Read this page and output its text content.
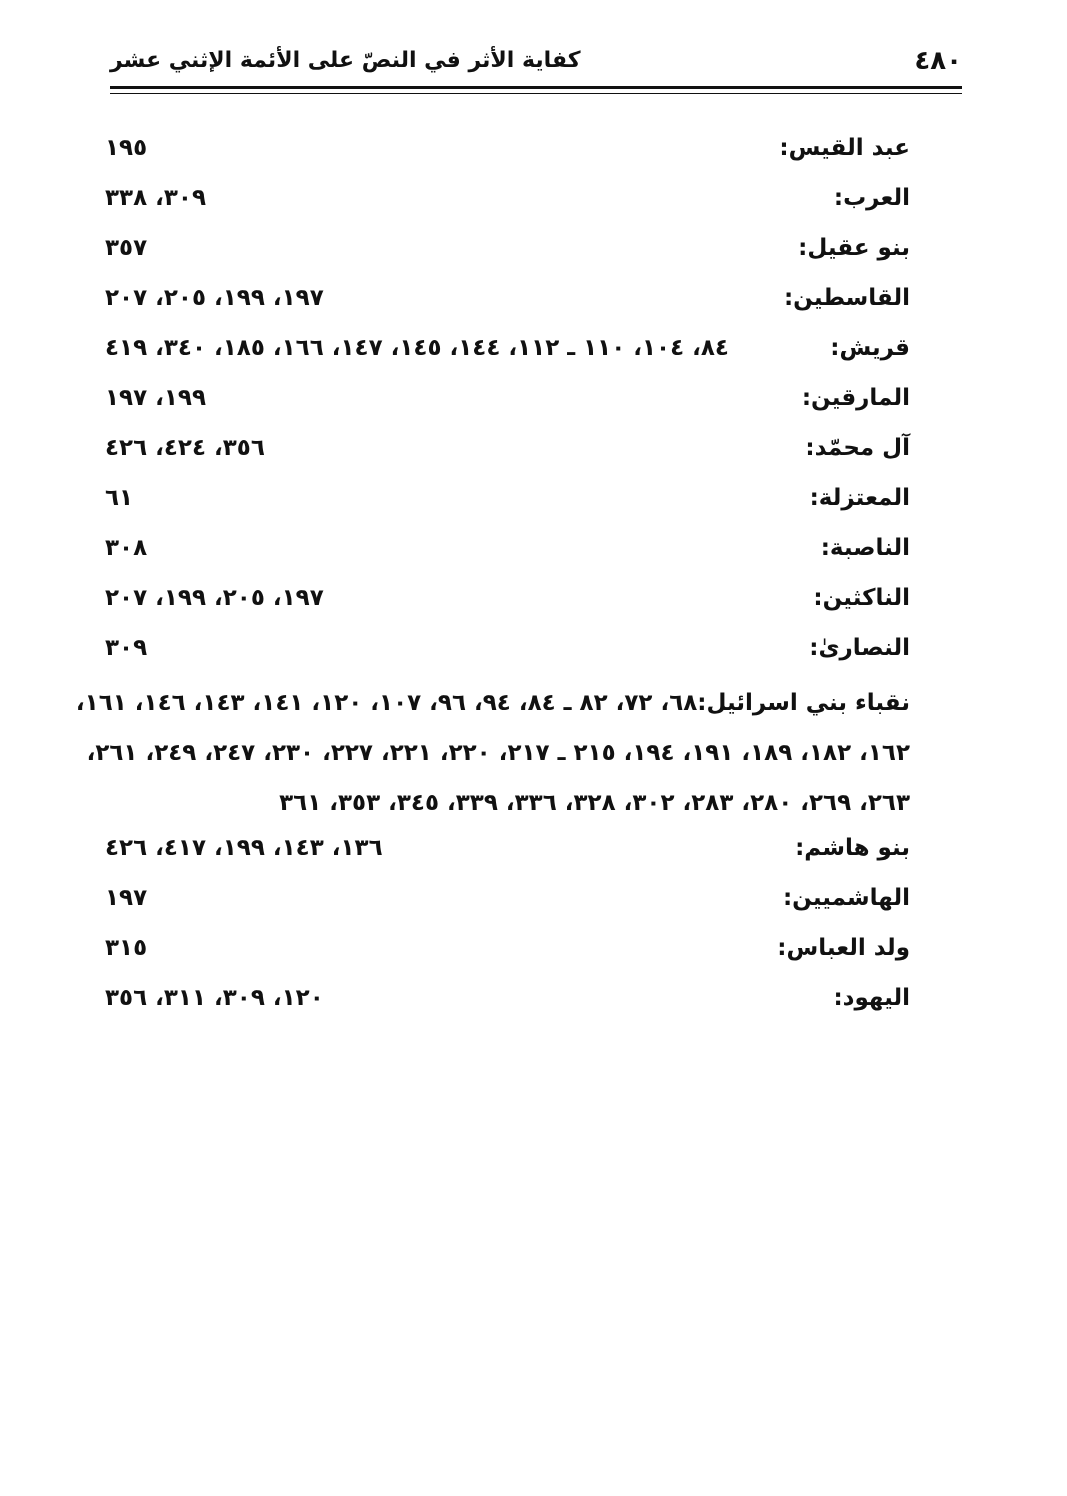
٤٨٠
كفاية الأثر في النصّ على الأئمة الإثني عشر
عبد القيس:
١٩٥
العرب:
٣٠٩، ٣٣٨
بنو عقيل:
٣٥٧
القاسطين:
١٩٧، ١٩٩، ٢٠٥، ٢٠٧
قريش:
٨٤، ١٠٤، ١١٠ ـ ١١٢، ١٤٤، ١٤٥، ١٤٧، ١٦٦، ١٨٥، ٣٤٠، ٤١٩
المارقين:
١٩٩، ١٩٧
آل محمّد:
٣٥٦، ٤٢٤، ٤٢٦
المعتزلة:
٦١
الناصبة:
٣٠٨
الناكثين:
١٩٧، ٢٠٥، ١٩٩، ٢٠٧
النصارىٰ:
٣٠٩
نقباء بني اسرائيل:٦٨، ٧٢، ٨٢ ـ ٨٤، ٩٤، ٩٦، ١٠٧، ١٢٠، ١٤١، ١٤٣، ١٤٦، ١٦١،
١٦٢، ١٨٢، ١٨٩، ١٩١، ١٩٤، ٢١٥ ـ ٢١٧، ٢٢٠، ٢٢١، ٢٢٧، ٢٣٠، ٢٤٧، ٢٤٩، ٢٦١،
٢٦٣، ٢٦٩، ٢٨٠، ٢٨٣، ٣٠٢، ٣٢٨، ٣٣٦، ٣٣٩، ٣٤٥، ٣٥٣، ٣٦١
بنو هاشم:
١٣٦، ١٤٣، ١٩٩، ٤١٧، ٤٢٦
الهاشميين:
١٩٧
ولد العباس:
٣١٥
اليهود:
١٢٠، ٣٠٩، ٣١١، ٣٥٦
